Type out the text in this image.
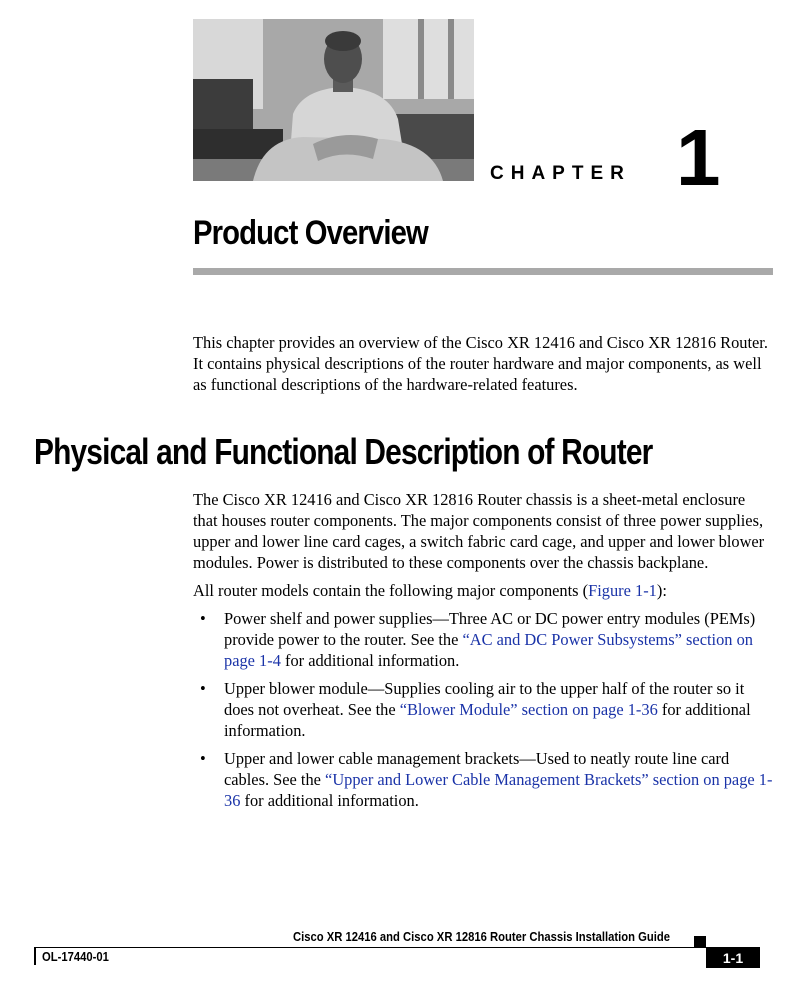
CHAPTER 1
Product Overview

This chapter provides an overview of the Cisco XR 12416 and Cisco XR 12816 Router. It contains physical descriptions of the router hardware and major components, as well as functional descriptions of the hardware-related features.

Physical and Functional Description of Router

The Cisco XR 12416 and Cisco XR 12816 Router chassis is a sheet-metal enclosure that houses router components. The major components consist of three power supplies, upper and lower line card cages, a switch fabric card cage, and upper and lower blower modules. Power is distributed to these components over the chassis backplane.

All router models contain the following major components (Figure 1-1):

• Power shelf and power supplies—Three AC or DC power entry modules (PEMs) provide power to the router. See the “AC and DC Power Subsystems” section on page 1-4 for additional information.
• Upper blower module—Supplies cooling air to the upper half of the router so it does not overheat. See the “Blower Module” section on page 1-36 for additional information.
• Upper and lower cable management brackets—Used to neatly route line card cables. See the “Upper and Lower Cable Management Brackets” section on page 1-36 for additional information.
Cisco XR 12416 and Cisco XR 12816 Router Chassis Installation Guide
OL-17440-01	1-1
